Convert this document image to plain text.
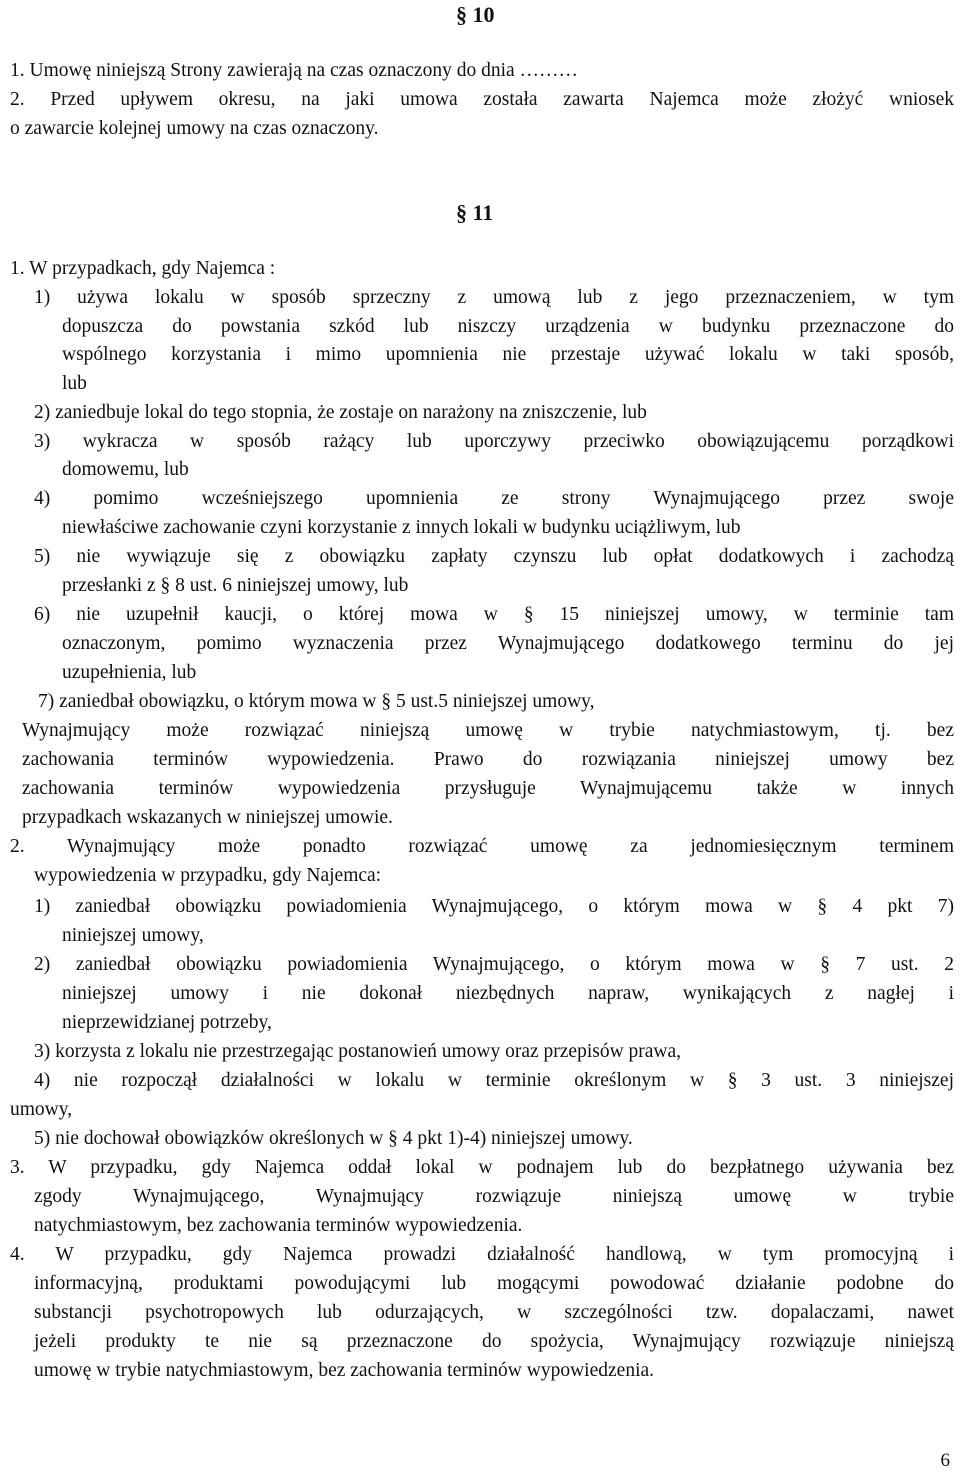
§ 10
1. Umowę niniejszą Strony zawierają na czas oznaczony do dnia ………
2. Przed upływem okresu, na jaki umowa została zawarta Najemca może złożyć wniosek
o zawarcie kolejnej umowy na czas oznaczony.
§ 11
1. W przypadkach, gdy Najemca :
1) używa lokalu w sposób sprzeczny z umową lub z jego przeznaczeniem, w tym
dopuszcza do powstania szkód lub niszczy urządzenia w budynku przeznaczone do
wspólnego korzystania i mimo upomnienia nie przestaje używać lokalu w taki sposób,
lub
2) zaniedbuje lokal do tego stopnia, że zostaje on narażony na zniszczenie, lub
3) wykracza w sposób rażący lub uporczywy przeciwko obowiązującemu porządkowi
domowemu, lub
4) pomimo wcześniejszego upomnienia ze strony Wynajmującego przez swoje
niewłaściwe zachowanie czyni korzystanie z innych lokali w budynku uciążliwym, lub
5) nie wywiązuje się z obowiązku zapłaty czynszu lub opłat dodatkowych i zachodzą
przesłanki z § 8 ust. 6 niniejszej umowy, lub
6) nie uzupełnił kaucji, o której mowa w § 15 niniejszej umowy, w terminie tam
oznaczonym, pomimo wyznaczenia przez Wynajmującego dodatkowego terminu do jej
uzupełnienia, lub
7) zaniedbał obowiązku, o którym mowa w § 5 ust.5 niniejszej umowy,
Wynajmujący może rozwiązać niniejszą umowę w trybie natychmiastowym, tj. bez
zachowania terminów wypowiedzenia. Prawo do rozwiązania niniejszej umowy bez
zachowania terminów wypowiedzenia przysługuje Wynajmującemu także w innych
przypadkach wskazanych w niniejszej umowie.
2. Wynajmujący może ponadto rozwiązać umowę za jednomiesięcznym terminem
wypowiedzenia w przypadku, gdy Najemca:
1) zaniedbał obowiązku powiadomienia Wynajmującego, o którym mowa w § 4 pkt 7)
niniejszej umowy,
2) zaniedbał obowiązku powiadomienia Wynajmującego, o którym mowa w § 7 ust. 2
niniejszej umowy i nie dokonał niezbędnych napraw, wynikających z nagłej i
nieprzewidzianej potrzeby,
3) korzysta z lokalu nie przestrzegając postanowień umowy oraz przepisów prawa,
4) nie rozpoczął działalności w lokalu w terminie określonym w § 3 ust. 3 niniejszej
umowy,
5) nie dochował obowiązków określonych w § 4 pkt 1)-4) niniejszej umowy.
3. W przypadku, gdy Najemca oddał lokal w podnajem lub do bezpłatnego używania bez
zgody Wynajmującego, Wynajmujący rozwiązuje niniejszą umowę w trybie
natychmiastowym, bez zachowania terminów wypowiedzenia.
4. W przypadku, gdy Najemca prowadzi działalność handlową, w tym promocyjną i
informacyjną, produktami powodującymi lub mogącymi powodować działanie podobne do
substancji psychotropowych lub odurzających, w szczególności tzw. dopalaczami, nawet
jeżeli produkty te nie są przeznaczone do spożycia, Wynajmujący rozwiązuje niniejszą
umowę w trybie natychmiastowym, bez zachowania terminów wypowiedzenia.
6
